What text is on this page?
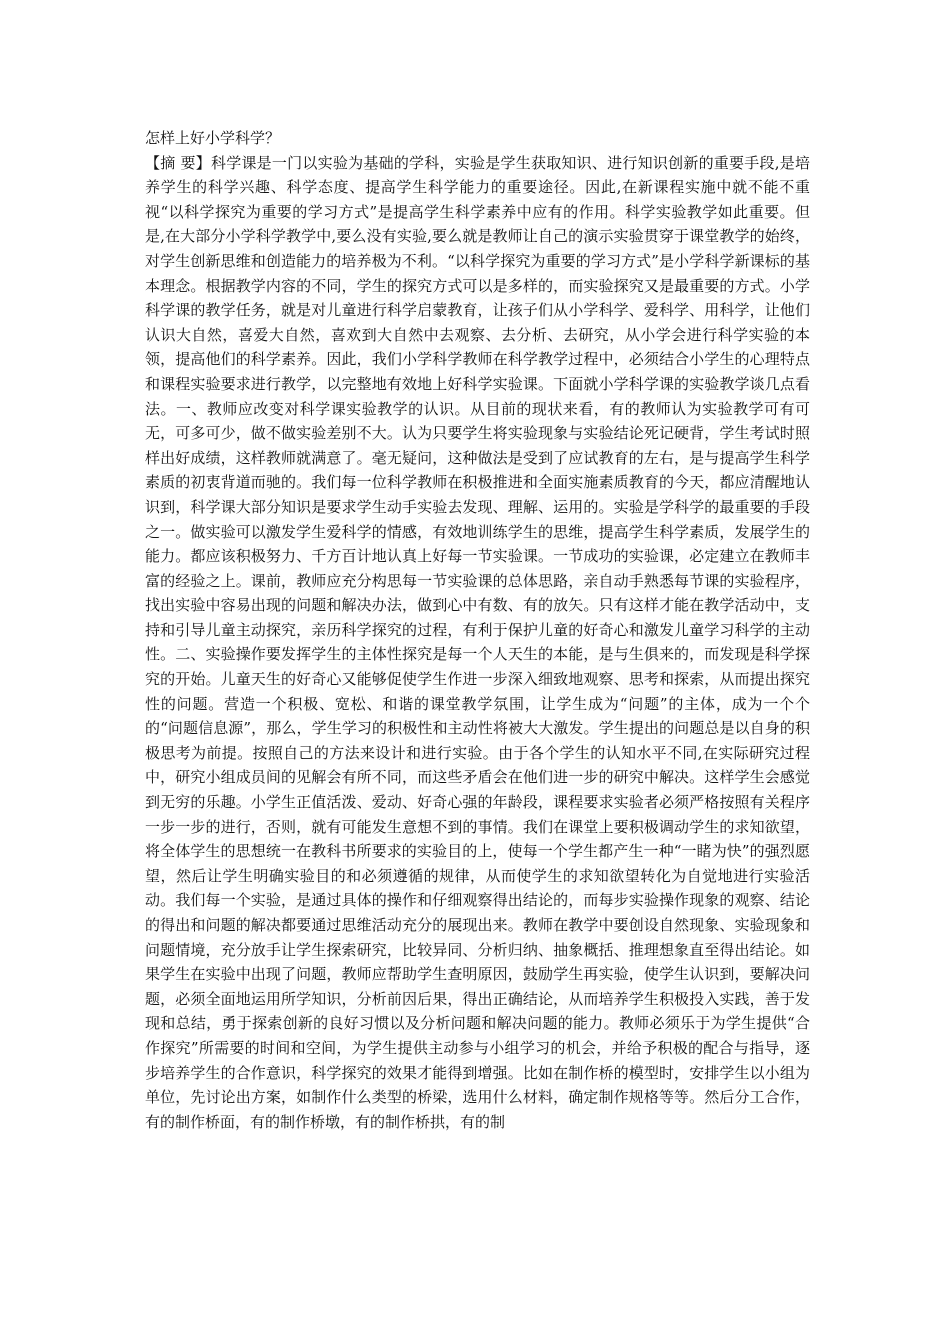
怎样上好小学科学？

【摘 要】科学课是一门以实验为基础的学科，实验是学生获取知识、进行知识创新的重要手段,是培养学生的科学兴趣、科学态度、提高学生科学能力的重要途径。因此,在新课程实施中就不能不重视“以科学探究为重要的学习方式”是提高学生科学素养中应有的作用。科学实验教学如此重要。但是,在大部分小学科学教学中,要么没有实验,要么就是教师让自己的演示实验贯穿于课堂教学的始终，对学生创新思维和创造能力的培养极为不利。“以科学探究为重要的学习方式”是小学科学新课标的基本理念。根据教学内容的不同，学生的探究方式可以是多样的，而实验探究又是最重要的方式。小学科学课的教学任务，就是对儿童进行科学启蒙教育，让孩子们从小学科学、爱科学、用科学，让他们认识大自然，喜爱大自然，喜欢到大自然中去观察、去分析、去研究，从小学会进行科学实验的本领，提高他们的科学素养。因此，我们小学科学教师在科学教学过程中，必须结合小学生的心理特点和课程实验要求进行教学，以完整地有效地上好科学实验课。下面就小学科学课的实验教学谈几点看法。一、教师应改变对科学课实验教学的认识。从目前的现状来看，有的教师认为实验教学可有可无，可多可少，做不做实验差别不大。认为只要学生将实验现象与实验结论死记硬背，学生考试时照样出好成绩，这样教师就满意了。毫无疑问，这种做法是受到了应试教育的左右，是与提高学生科学素质的初衷背道而驰的。我们每一位科学教师在积极推进和全面实施素质教育的今天，都应清醒地认识到，科学课大部分知识是要求学生动手实验去发现、理解、运用的。实验是学科学的最重要的手段之一。做实验可以激发学生爱科学的情感，有效地训练学生的思维，提高学生科学素质，发展学生的能力。都应该积极努力、千方百计地认真上好每一节实验课。一节成功的实验课，必定建立在教师丰富的经验之上。课前，教师应充分构思每一节实验课的总体思路，亲自动手熟悉每节课的实验程序，找出实验中容易出现的问题和解决办法，做到心中有数、有的放矢。只有这样才能在教学活动中，支持和引导儿童主动探究，亲历科学探究的过程，有利于保护儿童的好奇心和激发儿童学习科学的主动性。二、实验操作要发挥学生的主体性探究是每一个人天生的本能，是与生俱来的，而发现是科学探究的开始。儿童天生的好奇心又能够促使学生作进一步深入细致地观察、思考和探索，从而提出探究性的问题。营造一个积极、宽松、和谐的课堂教学氛围，让学生成为“问题”的主体，成为一个个的“问题信息源”，那么，学生学习的积极性和主动性将被大大激发。学生提出的问题总是以自身的积极思考为前提。按照自己的方法来设计和进行实验。由于各个学生的认知水平不同,在实际研究过程中，研究小组成员间的见解会有所不同，而这些矛盾会在他们进一步的研究中解决。这样学生会感觉到无穷的乐趣。小学生正值活泼、爱动、好奇心强的年龄段，课程要求实验者必须严格按照有关程序一步一步的进行，否则，就有可能发生意想不到的事情。我们在课堂上要积极调动学生的求知欲望，将全体学生的思想统一在教科书所要求的实验目的上，使每一个学生都产生一种“一睹为快”的强烈愿望，然后让学生明确实验目的和必须遵循的规律，从而使学生的求知欲望转化为自觉地进行实验活动。我们每一个实验，是通过具体的操作和仔细观察得出结论的，而每步实验操作现象的观察、结论的得出和问题的解决都要通过思维活动充分的展现出来。教师在教学中要创设自然现象、实验现象和问题情境，充分放手让学生探索研究，比较异同、分析归纳、抽象概括、推理想象直至得出结论。如果学生在实验中出现了问题，教师应帮助学生查明原因，鼓励学生再实验，使学生认识到，要解决问题，必须全面地运用所学知识，分析前因后果，得出正确结论，从而培养学生积极投入实践，善于发现和总结，勇于探索创新的良好习惯以及分析问题和解决问题的能力。教师必须乐于为学生提供“合作探究”所需要的时间和空间，为学生提供主动参与小组学习的机会，并给予积极的配合与指导，逐步培养学生的合作意识，科学探究的效果才能得到增强。比如在制作桥的模型时，安排学生以小组为单位，先讨论出方案，如制作什么类型的桥梁，选用什么材料，确定制作规格等等。然后分工合作，有的制作桥面，有的制作桥墩，有的制作桥拱，有的制
